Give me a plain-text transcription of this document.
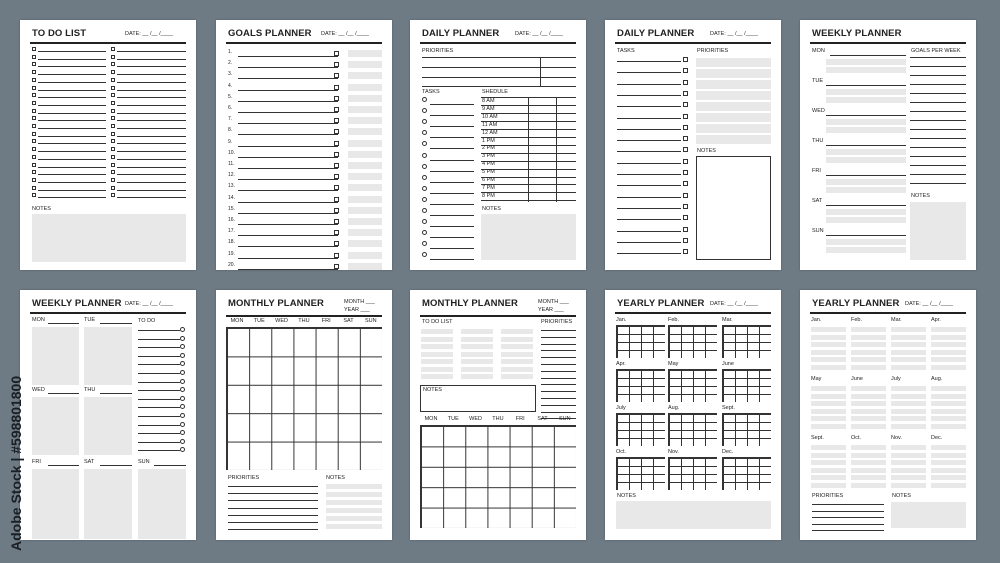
TO DO LIST	DATE: __ /__ /____
NOTES
GOALS PLANNER DATE: __ /__ /____
1.
2.
3.
4.
5.
6.
7.
8.
9.
10.
11.
12.
13.
14.
15.
16.
17.
18.
19.
20.
DAILY PLANNER	DATE: __ /__ /____
PRIORITIES
TASKS	SHEDULE
8 AM
9 AM
10 AM
11 AM
12 AM
1 PM
2 PM
3 PM
4 PM
5 PM
6 PM
7 PM
8 PM
NOTES
DAILY PLANNER	DATE: __ /__ /____
TASKS	PRIORITIES
NOTES
WEEKLY PLANNER
GOALS PER WEEK
MON
TUE
WED
THU
FRI
SAT
SUN
NOTES
WEEKLY PLANNER DATE: __ /__ /____
MON	TUE
WED	THU
FRI	SAT	SUN
TO DO
MONTHLY PLANNER	MONTH ___
YEAR ___
MON	TUE	WED	THU	FRI	SAT	SUN
PRIORITIES	NOTES
MONTHLY PLANNER	MONTH ___
YEAR ___
TO DO LIST	PRIORITIES
NOTES
MON	TUE	WED	THU	FRI	SAT	SUN
YEARLY PLANNER DATE: __ /__ /____
Jan.	Feb.	Mar.
Apr.	May	June
July	Aug.	Sept.
Oct.	Nov.	Dec.
NOTES
YEARLY PLANNER DATE: __ /__ /____
Jan.	Feb.	Mar.	Apr.
May	June	July	Aug.
Sept.	Oct.	Nov.	Dec.
PRIORITIES	NOTES
Adobe Stock | #598801800
